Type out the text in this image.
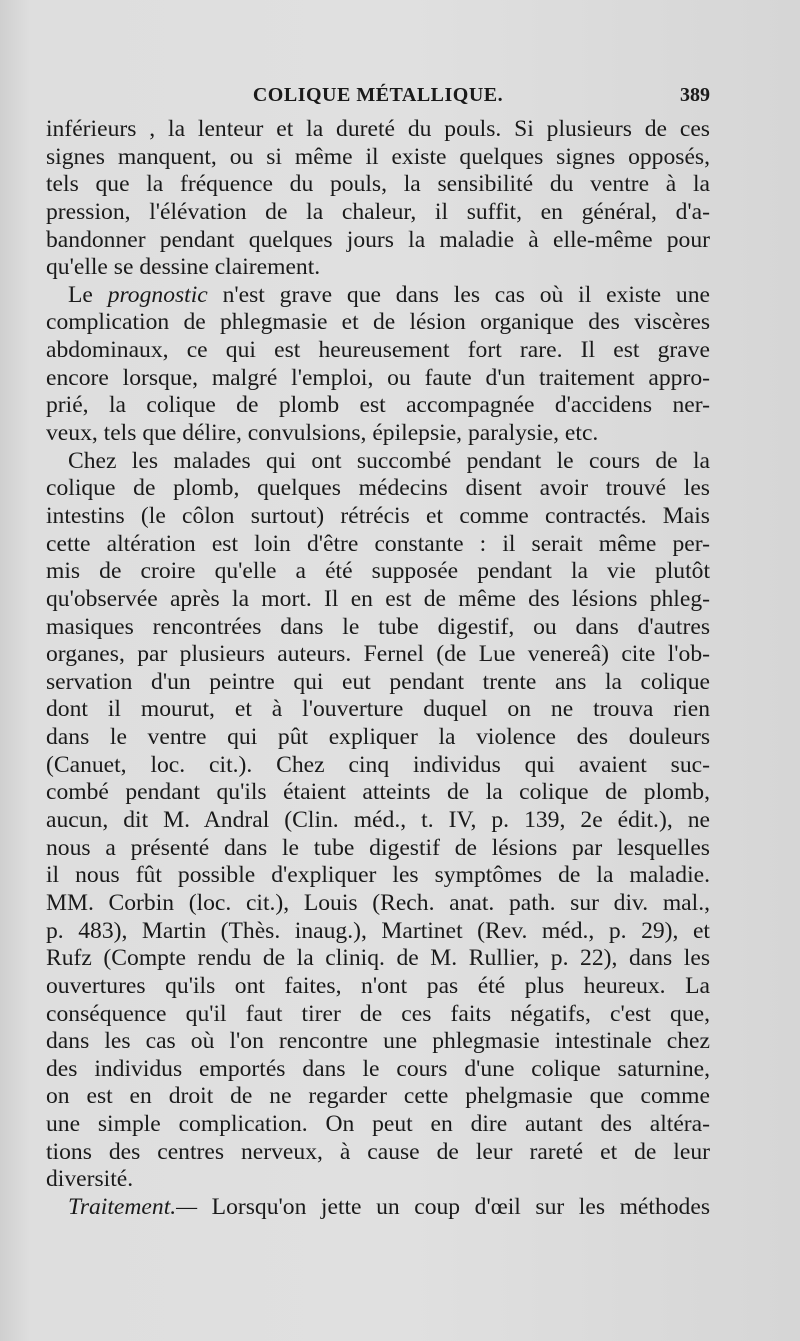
COLIQUE MÉTALLIQUE.	389
inférieurs , la lenteur et la dureté du pouls. Si plusieurs de ces
signes manquent, ou si même il existe quelques signes opposés,
tels que la fréquence du pouls, la sensibilité du ventre à la
pression, l'élévation de la chaleur, il suffit, en général, d'a-
bandonner pendant quelques jours la maladie à elle-même pour
qu'elle se dessine clairement.
Le prognostic n'est grave que dans les cas où il existe une
complication de phlegmasie et de lésion organique des viscères
abdominaux, ce qui est heureusement fort rare. Il est grave
encore lorsque, malgré l'emploi, ou faute d'un traitement appro-
prié, la colique de plomb est accompagnée d'accidens ner-
veux, tels que délire, convulsions, épilepsie, paralysie, etc.
Chez les malades qui ont succombé pendant le cours de la
colique de plomb, quelques médecins disent avoir trouvé les
intestins (le côlon surtout) rétrécis et comme contractés. Mais
cette altération est loin d'être constante : il serait même per-
mis de croire qu'elle a été supposée pendant la vie plutôt
qu'observée après la mort. Il en est de même des lésions phleg-
masiques rencontrées dans le tube digestif, ou dans d'autres
organes, par plusieurs auteurs. Fernel (de Lue venereâ) cite l'ob-
servation d'un peintre qui eut pendant trente ans la colique
dont il mourut, et à l'ouverture duquel on ne trouva rien
dans le ventre qui pût expliquer la violence des douleurs
(Canuet, loc. cit.). Chez cinq individus qui avaient suc-
combé pendant qu'ils étaient atteints de la colique de plomb,
aucun, dit M. Andral (Clin. méd., t. IV, p. 139, 2e édit.), ne
nous a présenté dans le tube digestif de lésions par lesquelles
il nous fût possible d'expliquer les symptômes de la maladie.
MM. Corbin (loc. cit.), Louis (Rech. anat. path. sur div. mal.,
p. 483), Martin (Thès. inaug.), Martinet (Rev. méd., p. 29), et
Rufz (Compte rendu de la cliniq. de M. Rullier, p. 22), dans les
ouvertures qu'ils ont faites, n'ont pas été plus heureux. La
conséquence qu'il faut tirer de ces faits négatifs, c'est que,
dans les cas où l'on rencontre une phlegmasie intestinale chez
des individus emportés dans le cours d'une colique saturnine,
on est en droit de ne regarder cette phelgmasie que comme
une simple complication. On peut en dire autant des altéra-
tions des centres nerveux, à cause de leur rareté et de leur
diversité.
Traitement.— Lorsqu'on jette un coup d'œil sur les méthodes
